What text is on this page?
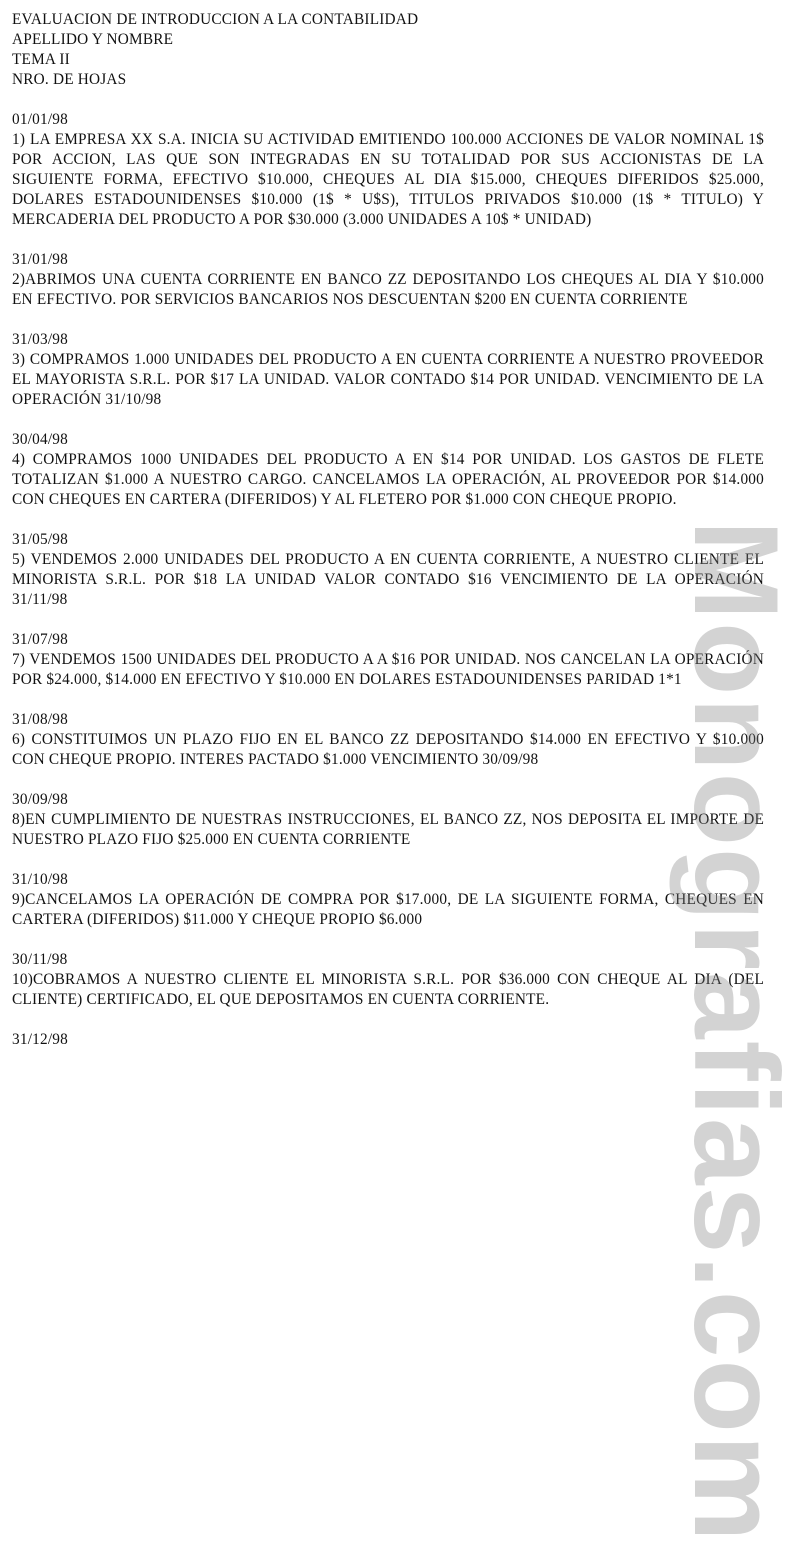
EVALUACION DE INTRODUCCION A LA CONTABILIDAD
APELLIDO Y NOMBRE
TEMA II
NRO. DE HOJAS
01/01/98
1) LA EMPRESA XX S.A. INICIA SU ACTIVIDAD EMITIENDO 100.000 ACCIONES DE VALOR NOMINAL 1$ POR ACCION, LAS QUE SON INTEGRADAS EN SU TOTALIDAD POR SUS ACCIONISTAS DE LA SIGUIENTE FORMA, EFECTIVO $10.000, CHEQUES AL DIA $15.000, CHEQUES DIFERIDOS $25.000, DOLARES ESTADOUNIDENSES $10.000 (1$ * U$S), TITULOS PRIVADOS $10.000 (1$ * TITULO) Y MERCADERIA DEL PRODUCTO A POR $30.000 (3.000 UNIDADES A 10$ * UNIDAD)
31/01/98
2)ABRIMOS UNA CUENTA CORRIENTE EN BANCO ZZ DEPOSITANDO LOS CHEQUES AL DIA Y $10.000 EN EFECTIVO. POR SERVICIOS BANCARIOS NOS DESCUENTAN $200 EN CUENTA CORRIENTE
31/03/98
3) COMPRAMOS 1.000 UNIDADES DEL PRODUCTO A EN CUENTA CORRIENTE A NUESTRO PROVEEDOR EL MAYORISTA S.R.L. POR $17 LA UNIDAD. VALOR CONTADO $14 POR UNIDAD. VENCIMIENTO DE LA OPERACIÓN 31/10/98
30/04/98
4) COMPRAMOS 1000 UNIDADES DEL PRODUCTO A EN $14 POR UNIDAD. LOS GASTOS DE FLETE TOTALIZAN $1.000 A NUESTRO CARGO. CANCELAMOS LA OPERACIÓN, AL PROVEEDOR POR $14.000 CON CHEQUES EN CARTERA (DIFERIDOS) Y AL FLETERO POR $1.000 CON CHEQUE PROPIO.
31/05/98
5) VENDEMOS 2.000 UNIDADES DEL PRODUCTO A EN CUENTA CORRIENTE, A NUESTRO CLIENTE EL MINORISTA S.R.L. POR $18 LA UNIDAD VALOR CONTADO $16 VENCIMIENTO DE LA OPERACIÓN 31/11/98
31/07/98
7) VENDEMOS 1500 UNIDADES DEL PRODUCTO A A $16 POR UNIDAD. NOS CANCELAN LA OPERACIÓN POR $24.000, $14.000 EN EFECTIVO Y $10.000 EN DOLARES ESTADOUNIDENSES PARIDAD 1*1
31/08/98
6) CONSTITUIMOS UN PLAZO FIJO EN EL BANCO ZZ DEPOSITANDO $14.000 EN EFECTIVO Y $10.000 CON CHEQUE PROPIO. INTERES PACTADO $1.000 VENCIMIENTO 30/09/98
30/09/98
8)EN CUMPLIMIENTO DE NUESTRAS INSTRUCCIONES, EL BANCO ZZ, NOS DEPOSITA EL IMPORTE DE NUESTRO PLAZO FIJO $25.000 EN CUENTA CORRIENTE
31/10/98
9)CANCELAMOS LA OPERACIÓN DE COMPRA POR $17.000, DE LA SIGUIENTE FORMA, CHEQUES EN CARTERA (DIFERIDOS) $11.000 Y CHEQUE PROPIO $6.000
30/11/98
10)COBRAMOS A NUESTRO CLIENTE EL MINORISTA S.R.L. POR $36.000 CON CHEQUE AL DIA (DEL CLIENTE) CERTIFICADO, EL QUE DEPOSITAMOS EN CUENTA CORRIENTE.
31/12/98	Monografias.com
